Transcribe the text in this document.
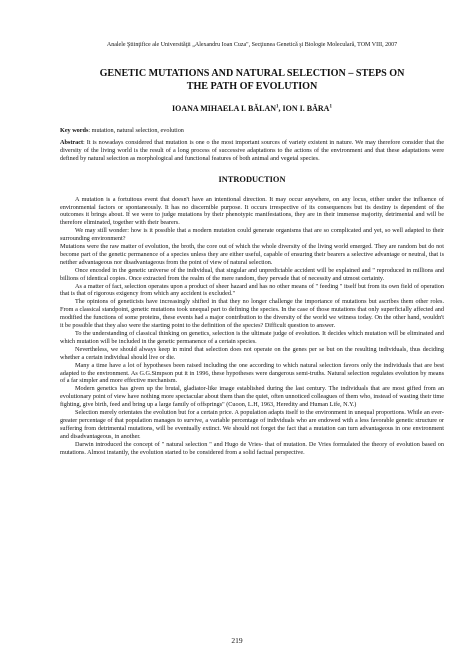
Analele Ştiinţifice ale Universităţii „Alexandru Ioan Cuza", Secţiunea Genetică şi Biologie Moleculară, TOM VIII, 2007

GENETIC MUTATIONS AND NATURAL SELECTION – STEPS ON
THE PATH OF EVOLUTION

IOANA MIHAELA I. BĂLAN$^1$, ION I. BĂRA$^1$

Key words: mutation, natural selection, evolution

Abstract: It is nowadays considered that mutation is one o the most important sources of variety existent in nature. We may therefore consider that the diversity of the living world is the result of a long process of successive adaptations to the actions of the environment and that these adaptations were defined by natural selection as morphological and functional features of both animal and vegetal species.

INTRODUCTION

A mutation is a fortuitous event that doesn't have an intentional direction. It may occur anywhere, on any locus, either under the influence of environmental factors or spontaneously. It has no discernible purpose. It occurs irrespective of its consequences but its destiny is dependent of the outcomes it brings about. If we were to judge mutations by their phenotypic manifestations, they are in their immense majority, detrimental and will be therefore eliminated, together with their bearers.

We may still wonder: how is it possible that a modern mutation could generate organisms that are so complicated and yet, so well adapted to their surrounding environment?

Mutations were the raw matter of evolution, the broth, the core out of which the whole diversity of the living world emerged. They are random but do not become part of the genetic permanence of a species unless they are either useful, capable of ensuring their bearers a selective advantage or neutral, that is neither advantageous nor disadvantageous from the point of view of natural selection.

Once encoded in the genetic universe of the individual, that singular and unpredictable accident will be explained and " reproduced in millions and billions of identical copies. Once extracted from the realm of the mere random, they pervade that of necessity and utmost certainty.

As a matter of fact, selection operates upon a product of sheer hazard and has no other means of " feeding " itself but from its own field of operation that is that of rigorous exigency from which any accident is excluded."

The opinions of geneticists have increasingly shifted in that they no longer challenge the importance of mutations but ascribes them other roles. From a classical standpoint, genetic mutations took unequal part to defining the species. In the case of those mutations that only superficially affected and modified the functions of some proteins, these events had a major contribution to the diversity of the world we witness today. On the other hand, wouldn't it be possible that they also were the starting point to the definition of the species? Difficult question to answer.

To the understanding of classical thinking on genetics, selection is the ultimate judge of evolution. It decides which mutation will be eliminated and which mutation will be included in the genetic permanence of a certain species.

Nevertheless, we should always keep in mind that selection does not operate on the genes per se but on the resulting individuals, thus deciding whether a certain individual should live or die.

Many a time have a lot of hypotheses been raised including the one according to which natural selection favors only the individuals that are best adapted to the environment. As G.G.Simpson put it in 1996, these hypotheses were dangerous semi-truths. Natural selection regulates evolution by means of a far simpler and more effective mechanism.

Modern genetics has given up the brutal, gladiator-like image established during the last century. The individuals that are most gifted from an evolutionary point of view have nothing more spectacular about them than the quiet, often unnoticed colleagues of them who, instead of wasting their time fighting, give birth, feed and bring up a large family of offsprings" (Cuoon, L.H, 1963, Heredity and Human Life, N.Y.)

Selection merely orientates the evolution but for a certain price. A population adapts itself to the environment in unequal proportions. While an ever-greater percentage of that population manages to survive, a variable percentage of individuals who are endowed with a less favorable genetic structure or suffering from detrimental mutations, will be eventually extinct. We should not forget the fact that a mutation can turn advantageous in one environment and disadvantageous, in another.

Darwin introduced the concept of " natural selection " and Hugo de Vries- that of mutation. De Vries formulated the theory of evolution based on mutations. Almost instantly, the evolution started to be considered from a solid factual perspective.

219
